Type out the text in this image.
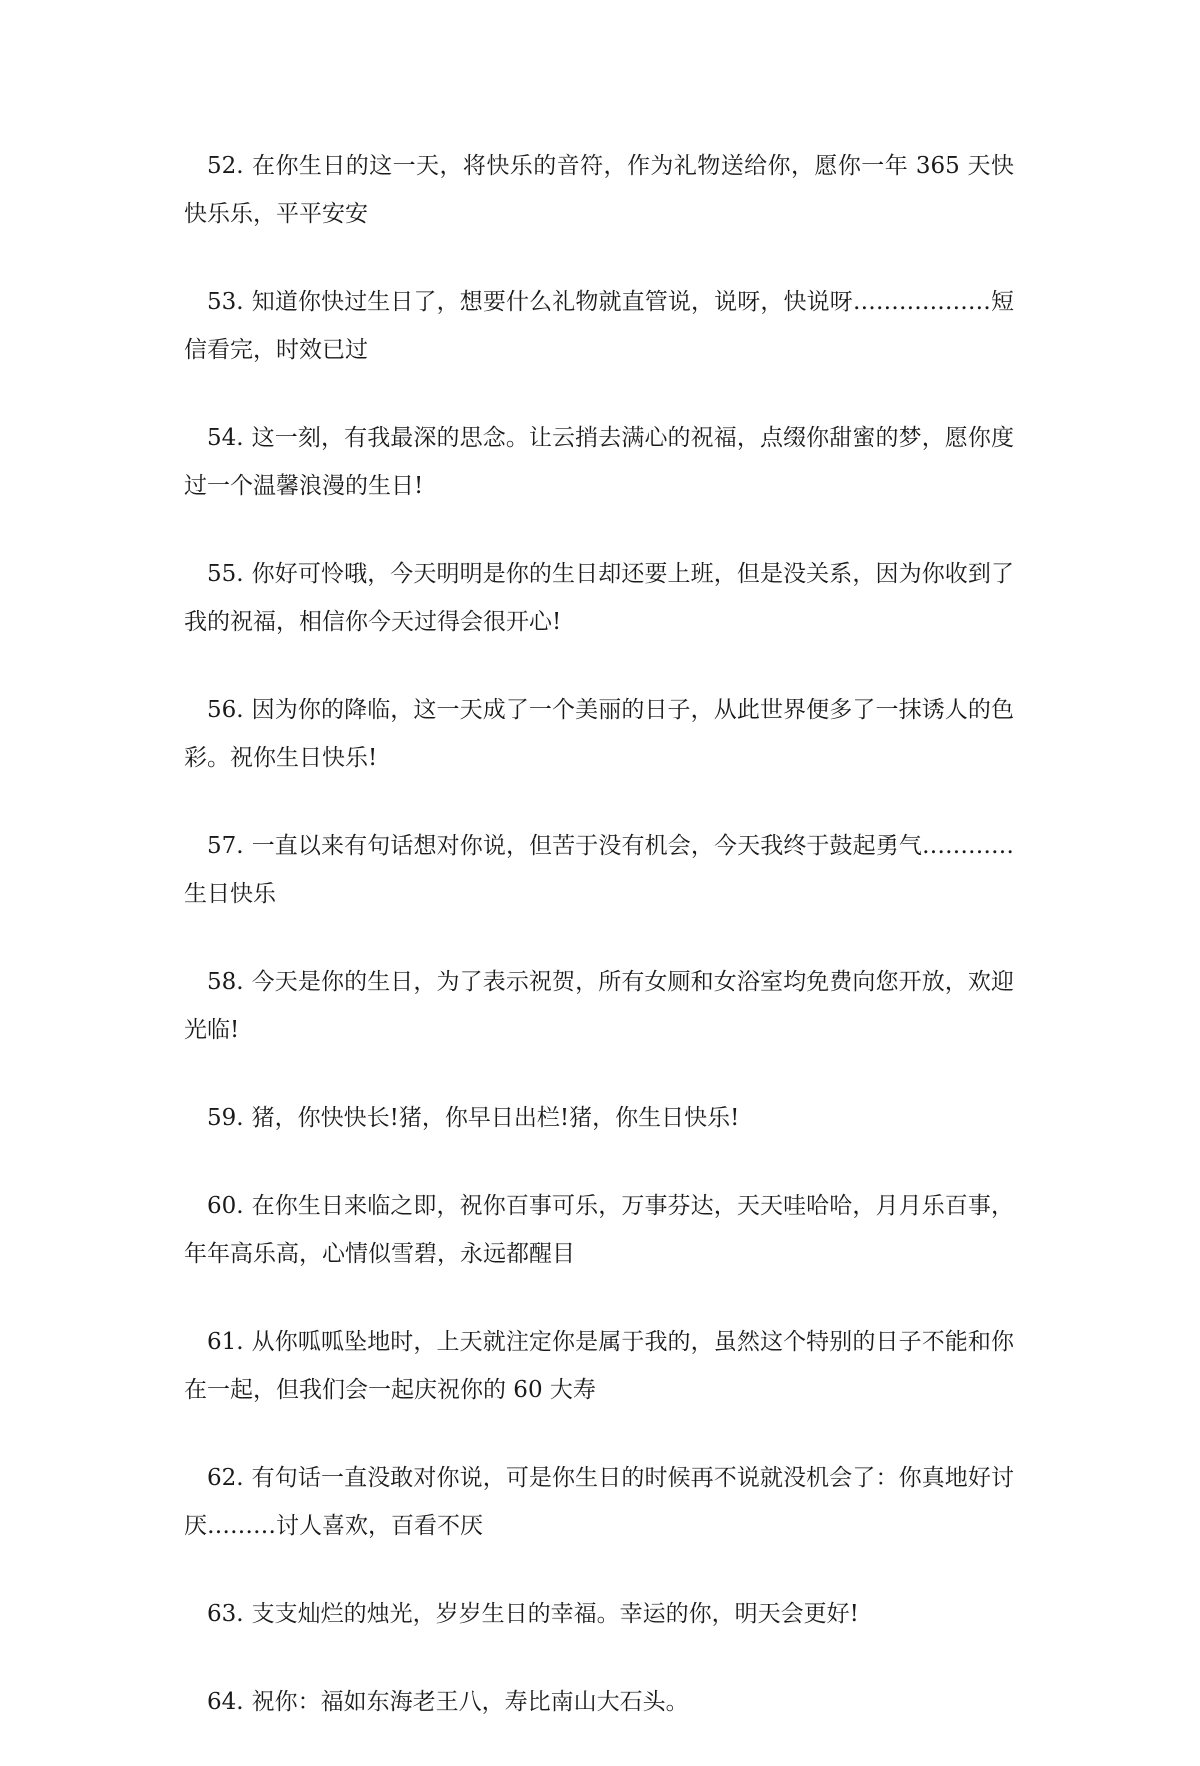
52. 在你生日的这一天，将快乐的音符，作为礼物送给你，愿你一年 365 天快快乐乐，平平安安

53. 知道你快过生日了，想要什么礼物就直管说，说呀，快说呀………………短信看完，时效已过

54. 这一刻，有我最深的思念。让云捎去满心的祝福，点缀你甜蜜的梦，愿你度过一个温馨浪漫的生日!

55. 你好可怜哦，今天明明是你的生日却还要上班，但是没关系，因为你收到了我的祝福，相信你今天过得会很开心!

56. 因为你的降临，这一天成了一个美丽的日子，从此世界便多了一抹诱人的色彩。祝你生日快乐!

57. 一直以来有句话想对你说，但苦于没有机会，今天我终于鼓起勇气…………生日快乐

58. 今天是你的生日，为了表示祝贺，所有女厕和女浴室均免费向您开放，欢迎光临!

59. 猪，你快快长!猪，你早日出栏!猪，你生日快乐!

60. 在你生日来临之即，祝你百事可乐，万事芬达，天天哇哈哈，月月乐百事，年年高乐高，心情似雪碧，永远都醒目

61. 从你呱呱坠地时，上天就注定你是属于我的，虽然这个特别的日子不能和你在一起，但我们会一起庆祝你的 60 大寿

62. 有句话一直没敢对你说，可是你生日的时候再不说就没机会了：你真地好讨厌………讨人喜欢，百看不厌

63. 支支灿烂的烛光，岁岁生日的幸福。幸运的你，明天会更好!

64. 祝你：福如东海老王八，寿比南山大石头。
